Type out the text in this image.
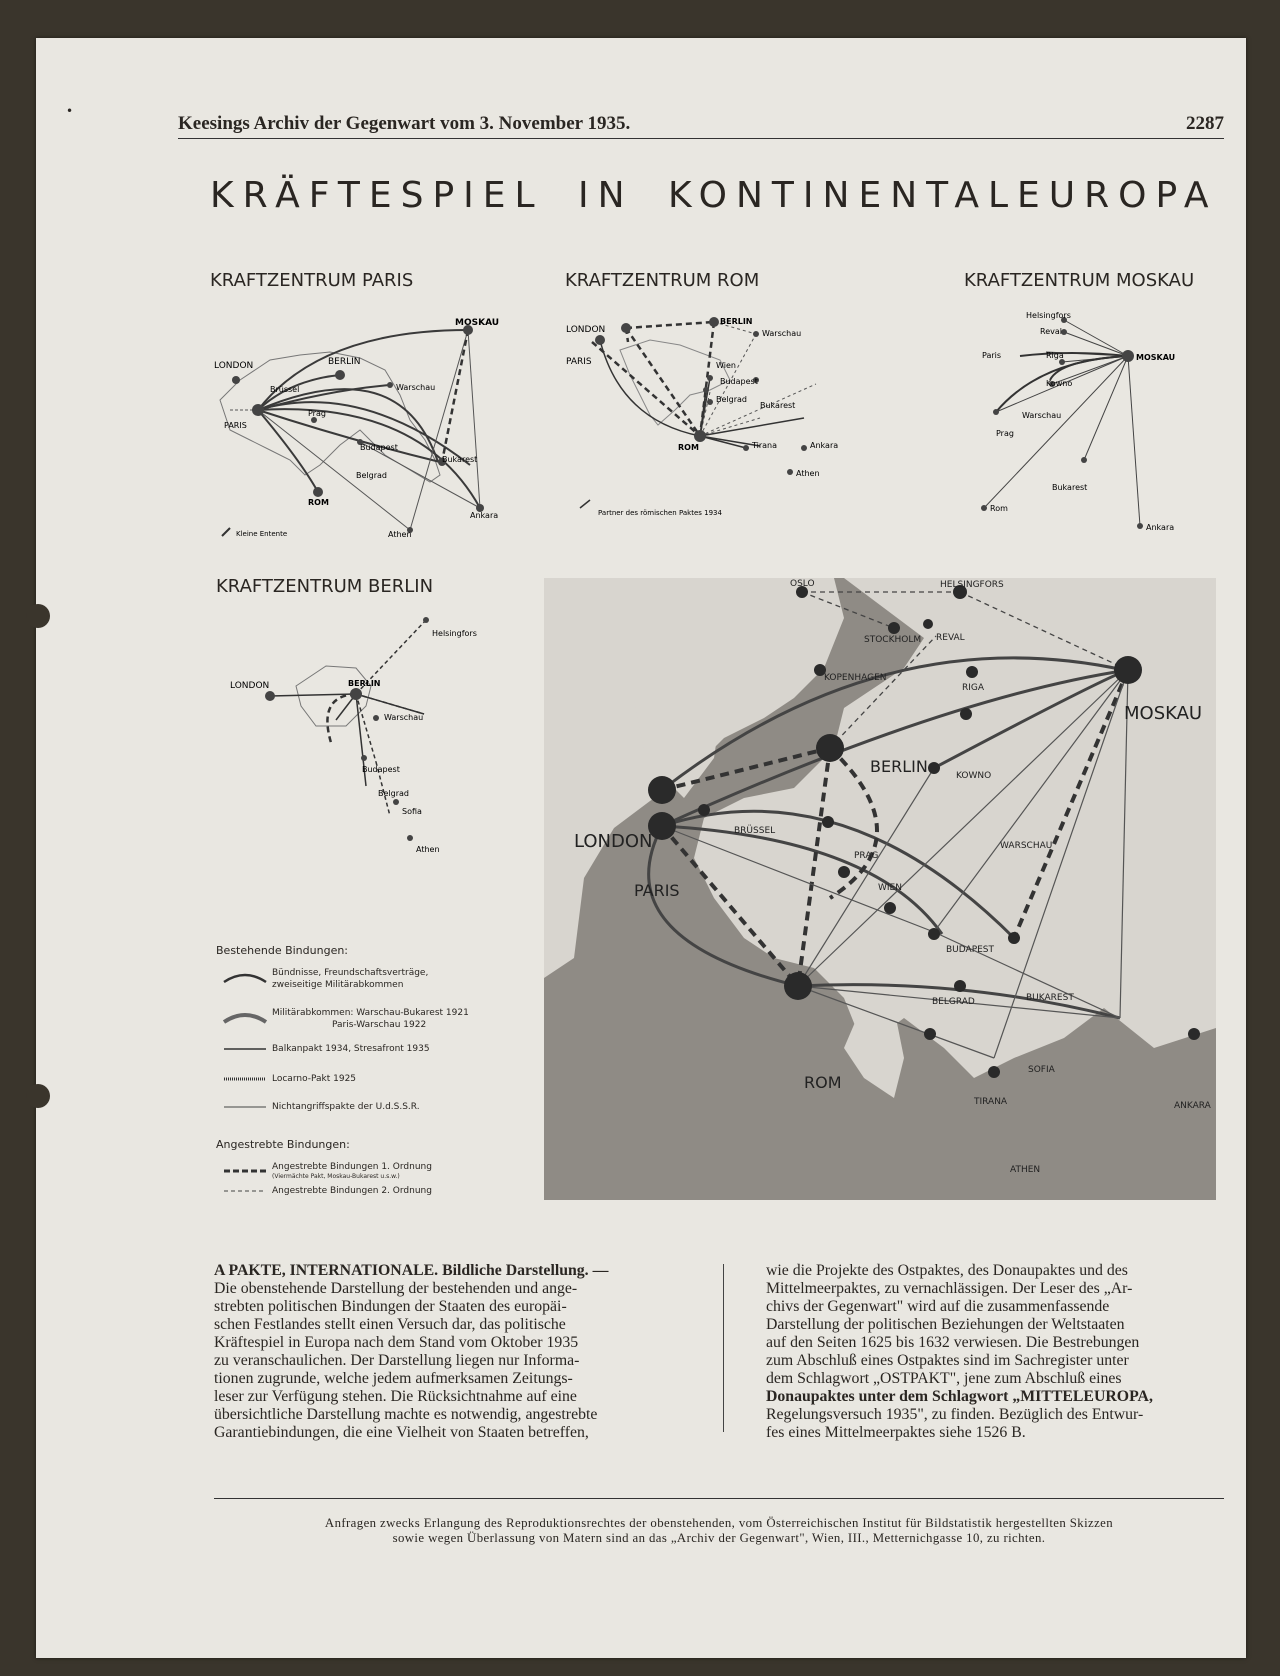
•
Keesings Archiv der Gegenwart vom 3. November 1935.	2287
KRÄFTESPIEL IN KONTINENTALEUROPA
KRAFTZENTRUM PARIS	KRAFTZENTRUM ROM	KRAFTZENTRUM MOSKAU
KRAFTZENTRUM BERLIN
MOSKAU
LONDON	BERLIN
Brüssel	Warschau
PARIS
Prag
Budapest
Bukarest
Belgrad
ROM
Ankara
Athen
Kleine Entente
LONDON
BERLIN
Warschau
PARIS	Wien
Budapest
Belgrad
Bukarest
ROM	Tirana	Ankara
Athen
Partner des römischen Paktes 1934
Helsingfors
Reval
Paris	Riga	MOSKAU
Kowno
Warschau
Prag
Bukarest
Rom
Ankara
Helsingfors
LONDON	BERLIN
Warschau
Budapest
Belgrad
Sofia
Athen
OSLO	HELSINGFORS
STOCKHOLM REVAL
KOPENHAGEN
RIGA
MOSKAU
BERLIN	KOWNO
LONDON	BRÜSSEL
WARSCHAU
PRAG
PARIS	WIEN
BUDAPEST
BELGRAD	BUKAREST
SOFIA
ROM
TIRANA	ANKARA
ATHEN
Bestehende Bindungen:
Bündnisse, Freundschaftsverträge,
zweiseitige Militärabkommen
Militärabkommen: Warschau-Bukarest 1921
Paris-Warschau 1922
Balkanpakt 1934, Stresafront 1935
Locarno-Pakt 1925
Nichtangriffspakte der U.d.S.S.R.
Angestrebte Bindungen:
Angestrebte Bindungen 1. Ordnung
(Viermächte Pakt, Moskau-Bukarest u.s.w.)
Angestrebte Bindungen 2. Ordnung
A PAKTE, INTERNATIONALE. Bildliche Darstellung. —
Die obenstehende Darstellung der bestehenden und ange-
strebten politischen Bindungen der Staaten des europäi-
schen Festlandes stellt einen Versuch dar, das politische
Kräftespiel in Europa nach dem Stand vom Oktober 1935
zu veranschaulichen. Der Darstellung liegen nur Informa-
tionen zugrunde, welche jedem aufmerksamen Zeitungs-
leser zur Verfügung stehen. Die Rücksichtnahme auf eine
übersichtliche Darstellung machte es notwendig, angestrebte
Garantiebindungen, die eine Vielheit von Staaten betreffen,
wie die Projekte des Ostpaktes, des Donaupaktes und des
Mittelmeerpaktes, zu vernachlässigen. Der Leser des „Ar-
chivs der Gegenwart" wird auf die zusammenfassende
Darstellung der politischen Beziehungen der Weltstaaten
auf den Seiten 1625 bis 1632 verwiesen. Die Bestrebungen
zum Abschluß eines Ostpaktes sind im Sachregister unter
dem Schlagwort „OSTPAKT", jene zum Abschluß eines
Donaupaktes unter dem Schlagwort „MITTELEUROPA,
Regelungsversuch 1935", zu finden. Bezüglich des Entwur-
fes eines Mittelmeerpaktes siehe 1526 B.
Anfragen zwecks Erlangung des Reproduktionsrechtes der obenstehenden, vom Österreichischen Institut für Bildstatistik hergestellten Skizzen
sowie wegen Überlassung von Matern sind an das „Archiv der Gegenwart", Wien, III., Metternichgasse 10, zu richten.
